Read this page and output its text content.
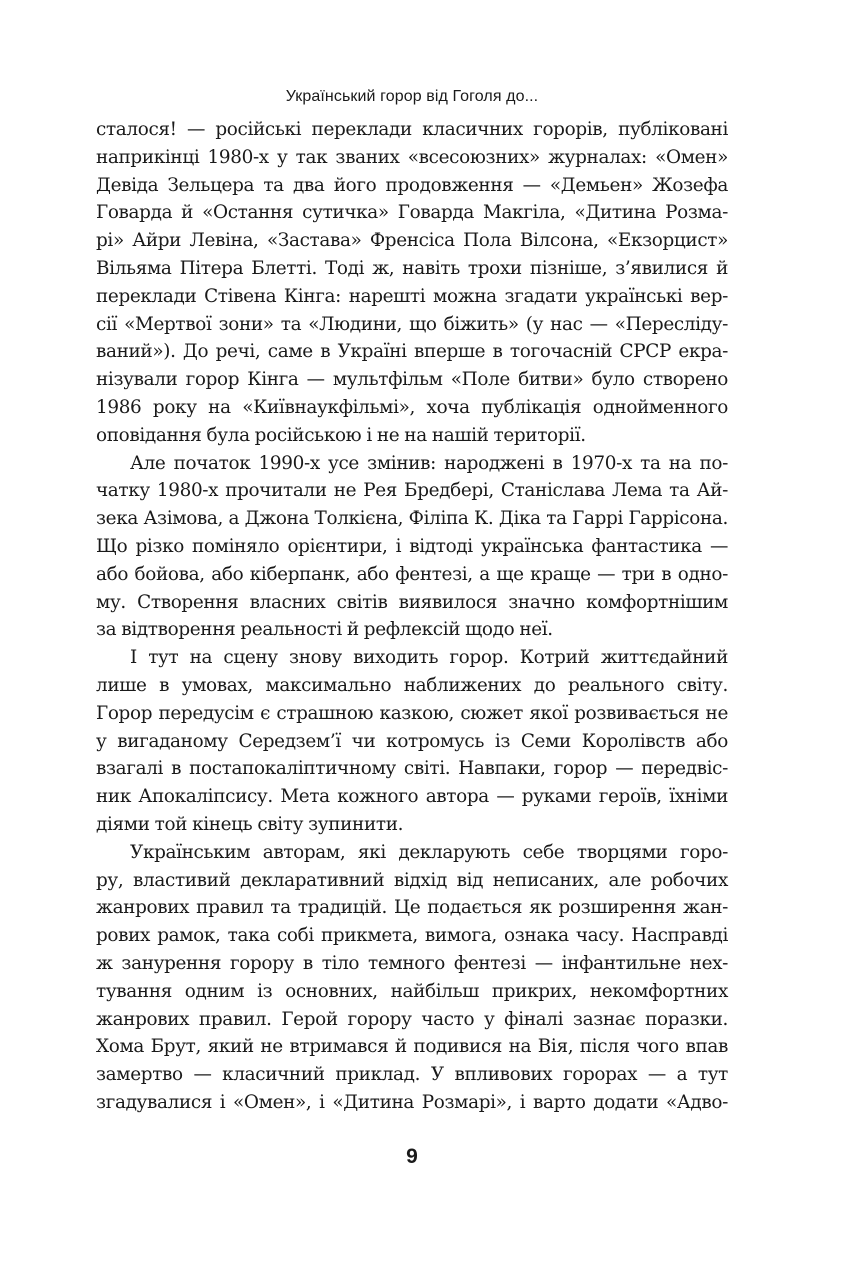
Український горор від Гоголя до...
сталося! — російські переклади класичних горорів, публіковані
наприкінці 1980-х у так званих «всесоюзних» журналах: «Омен»
Девіда Зельцера та два його продовження — «Демьен» Жозефа
Говарда й «Остання сутичка» Говарда Макгіла, «Дитина Розма-
рі» Айри Левіна, «Застава» Френсіса Пола Вілсона, «Екзорцист»
Вільяма Пітера Блетті. Тоді ж, навіть трохи пізніше, з’явилися й
переклади Стівена Кінга: нарешті можна згадати українські вер-
сії «Мертвої зони» та «Людини, що біжить» (у нас — «Пересліду-
ваний»). До речі, саме в Україні вперше в тогочасній СРСР екра-
нізували горор Кінга — мультфільм «Поле битви» було створено
1986 року на «Київнаукфільмі», хоча публікація однойменного
оповідання була російською і не на нашій території.
Але початок 1990-х усе змінив: народжені в 1970-х та на по-
чатку 1980-х прочитали не Рея Бредбері, Станіслава Лема та Ай-
зека Азімова, а Джона Толкієна, Філіпа К. Діка та Гаррі Гаррісона.
Що різко поміняло орієнтири, і відтоді українська фантастика —
або бойова, або кіберпанк, або фентезі, а ще краще — три в одно-
му. Створення власних світів виявилося значно комфортнішим
за відтворення реальності й рефлексій щодо неї.
І тут на сцену знову виходить горор. Котрий життєдайний
лише в умовах, максимально наближених до реального світу.
Горор передусім є страшною казкою, сюжет якої розвивається не
у вигаданому Середзем’ї чи котромусь із Семи Королівств або
взагалі в постапокаліптичному світі. Навпаки, горор — передвіс-
ник Апокаліпсису. Мета кожного автора — руками героїв, їхніми
діями той кінець світу зупинити.
Українським авторам, які декларують себе творцями горо-
ру, властивий декларативний відхід від неписаних, але робочих
жанрових правил та традицій. Це подається як розширення жан-
рових рамок, така собі прикмета, вимога, ознака часу. Насправді
ж занурення горору в тіло темного фентезі — інфантильне нех-
тування одним із основних, найбільш прикрих, некомфортних
жанрових правил. Герой горору часто у фіналі зазнає поразки.
Хома Брут, який не втримався й подивися на Вія, після чого впав
замертво — класичний приклад. У впливових горорах — а тут
згадувалися і «Омен», і «Дитина Розмарі», і варто додати «Адво-
9
